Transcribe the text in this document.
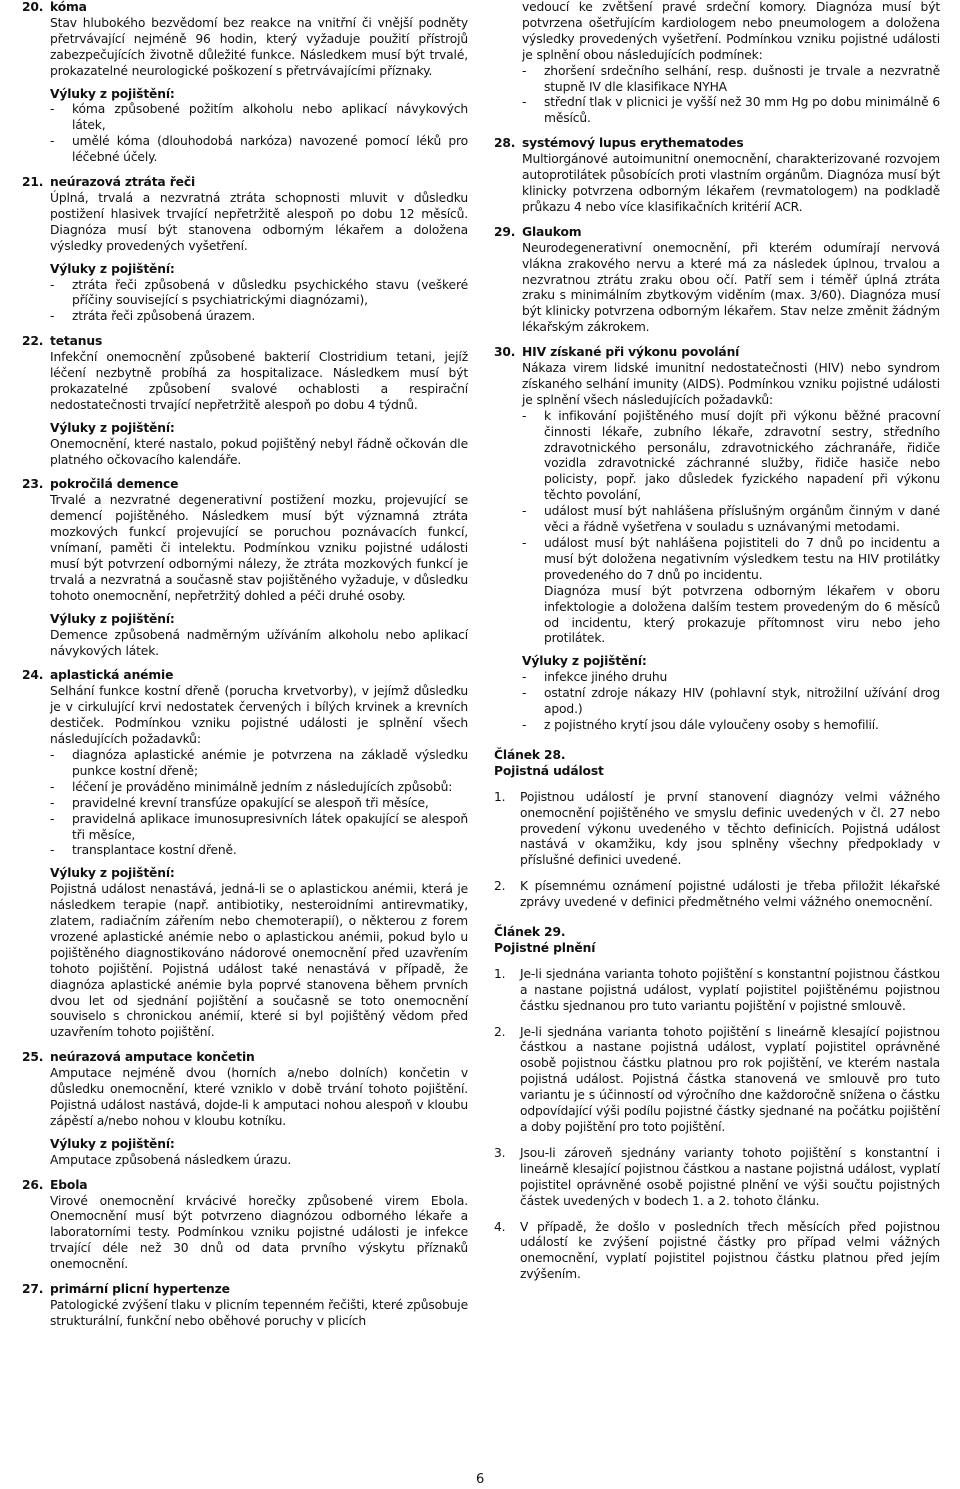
20. kóma

Stav hlubokého bezvědomí bez reakce na vnitřní či vnější podněty přetrvávající nejméně 96 hodin, který vyžaduje použití přístrojů zabezpečujících životně důležité funkce. Následkem musí být trvalé, prokazatelné neurologické poškození s přetrvávajícími příznaky.

Výluky z pojištění:
-	kóma způsobené požitím alkoholu nebo aplikací návykových látek,
-	umělé kóma (dlouhodobá narkóza) navozené pomocí léků pro léčebné účely.
21. neúrazová ztráta řeči

Úplná, trvalá a nezvratná ztráta schopnosti mluvit v důsledku postižení hlasivek trvající nepřetržitě alespoň po dobu 12 měsíců. Diagnóza musí být stanovena odborným lékařem a doložena výsledky provedených vyšetření.

Výluky z pojištění:
-	ztráta řeči způsobená v důsledku psychického stavu (veškeré příčiny související s psychiatrickými diagnózami),
-	ztráta řeči způsobená úrazem.
22. tetanus

Infekční onemocnění způsobené bakterií Clostridium tetani, jejíž léčení nezbytně probíhá za hospitalizace. Následkem musí být prokazatelné způsobení svalové ochablosti a respirační nedostatečnosti trvající nepřetržitě alespoň po dobu 4 týdnů.

Výluky z pojištění:

Onemocnění, které nastalo, pokud pojištěný nebyl řádně očkován dle platného očkovacího kalendáře.

23. pokročilá demence

Trvalé a nezvratné degenerativní postižení mozku, projevující se demencí pojištěného. Následkem musí být významná ztráta mozkových funkcí projevující se poruchou poznávacích funkcí, vnímaní, paměti či intelektu. Podmínkou vzniku pojistné události musí být potvrzení odbornými nálezy, že ztráta mozkových funkcí je trvalá a nezvratná a současně stav pojištěného vyžaduje, v důsledku tohoto onemocnění, nepřetržitý dohled a péči druhé osoby.

Výluky z pojištění:

Demence způsobená nadměrným užíváním alkoholu nebo aplikací návykových látek.

24. aplastická anémie

Selhání funkce kostní dřeně (porucha krvetvorby), v jejímž důsledku je v cirkulující krvi nedostatek červených i bílých krvinek a krevních destiček. Podmínkou vzniku pojistné události je splnění všech následujících požadavků:

-	diagnóza aplastické anémie je potvrzena na základě výsledku punkce kostní dřeně;
-	léčení je prováděno minimálně jedním z následujících způsobů:
-	pravidelné krevní transfúze opakující se alespoň tři měsíce,
-	pravidelná aplikace imunosupresivních látek opakující se alespoň tři měsíce,
-	transplantace kostní dřeně.
Výluky z pojištění:

Pojistná událost nenastává, jedná-li se o aplastickou anémii, která je následkem terapie (např. antibiotiky, nesteroidními antirevmatiky, zlatem, radiačním zářením nebo chemoterapií), o některou z forem vrozené aplastické anémie nebo o aplastickou anémii, pokud bylo u pojištěného diagnostikováno nádorové onemocnění před uzavřením tohoto pojištění. Pojistná událost také nenastává v případě, že diagnóza aplastické anémie byla poprvé stanovena během prvních dvou let od sjednání pojištění a současně se toto onemocnění souviselo s chronickou anémií, které si byl pojištěný vědom před uzavřením tohoto pojištění.

25. neúrazová amputace končetin

Amputace nejméně dvou (horních a/nebo dolních) končetin v důsledku onemocnění, které vzniklo v době trvání tohoto pojištění. Pojistná událost nastává, dojde-li k amputaci nohou alespoň v kloubu zápěstí a/nebo nohou v kloubu kotníku.

Výluky z pojištění:

Amputace způsobená následkem úrazu.

26. Ebola

Virové onemocnění krvácivé horečky způsobené virem Ebola. Onemocnění musí být potvrzeno diagnózou odborného lékaře a laboratorními testy. Podmínkou vzniku pojistné události je infekce trvající déle než 30 dnů od data prvního výskytu příznaků onemocnění.

27. primární plicní hypertenze

Patologické zvýšení tlaku v plicním tepenném řečišti, které způsobuje strukturální, funkční nebo oběhové poruchy v plicích

vedoucí ke zvětšení pravé srdeční komory. Diagnóza musí být potvrzena ošetřujícím kardiologem nebo pneumologem a doložena výsledky provedených vyšetření. Podmínkou vzniku pojistné události je splnění obou následujících podmínek:

-	zhoršení srdečního selhání, resp. dušnosti je trvale a nezvratně stupně IV dle klasifikace NYHA
-	střední tlak v plicnici je vyšší než 30 mm Hg po dobu minimálně 6 měsíců.
28. systémový lupus erythematodes

Multiorgánové autoimunitní onemocnění, charakterizované rozvojem autoprotilátek působících proti vlastním orgánům. Diagnóza musí být klinicky potvrzena odborným lékařem (revmatologem) na podkladě průkazu 4 nebo více klasifikačních kritérií ACR.

29. Glaukom

Neurodegenerativní onemocnění, při kterém odumírají nervová vlákna zrakového nervu a které má za následek úplnou, trvalou a nezvratnou ztrátu zraku obou očí. Patří sem i téměř úplná ztráta zraku s minimálním zbytkovým viděním (max. 3/60). Diagnóza musí být klinicky potvrzena odborným lékařem. Stav nelze změnit žádným lékařským zákrokem.

30. HIV získané při výkonu povolání

Nákaza virem lidské imunitní nedostatečnosti (HIV) nebo syndrom získaného selhání imunity (AIDS). Podmínkou vzniku pojistné události je splnění všech následujících požadavků:

-	k infikování pojištěného musí dojít při výkonu běžné pracovní činnosti lékaře, zubního lékaře, zdravotní sestry, středního zdravotnického personálu, zdravotnického záchranáře, řidiče vozidla zdravotnické záchranné služby, řidiče hasiče nebo policisty, popř. jako důsledek fyzického napadení při výkonu těchto povolání,
-	událost musí být nahlášena příslušným orgánům činným v dané věci a řádně vyšetřena v souladu s uznávanými metodami.
-	událost musí být nahlášena pojistiteli do 7 dnů po incidentu a musí být doložena negativním výsledkem testu na HIV protilátky provedeného do 7 dnů po incidentu.

Diagnóza musí být potvrzena odborným lékařem v oboru infektologie a doložena dalším testem provedeným do 6 měsíců od incidentu, který prokazuje přítomnost viru nebo jeho protilátek.

Výluky z pojištění:
-	infekce jiného druhu
-	ostatní zdroje nákazy HIV (pohlavní styk, nitrožilní užívání drog apod.)
-	z pojistného krytí jsou dále vyloučeny osoby s hemofilií.
Článek 28.
Pojistná událost
1.	Pojistnou událostí je první stanovení diagnózy velmi vážného onemocnění pojištěného ve smyslu definic uvedených v čl. 27 nebo provedení výkonu uvedeného v těchto definicích. Pojistná událost nastává v okamžiku, kdy jsou splněny všechny předpoklady v příslušné definici uvedené.
2.	K písemnému oznámení pojistné události je třeba přiložit lékařské zprávy uvedené v definici předmětného velmi vážného onemocnění.
Článek 29.
Pojistné plnění
1.	Je-li sjednána varianta tohoto pojištění s konstantní pojistnou částkou a nastane pojistná událost, vyplatí pojistitel pojištěnému pojistnou částku sjednanou pro tuto variantu pojištění v pojistné smlouvě.
2.	Je-li sjednána varianta tohoto pojištění s lineárně klesající pojistnou částkou a nastane pojistná událost, vyplatí pojistitel oprávněné osobě pojistnou částku platnou pro rok pojištění, ve kterém nastala pojistná událost. Pojistná částka stanovená ve smlouvě pro tuto variantu je s účinností od výročního dne každoročně snížena o částku odpovídající výši podílu pojistné částky sjednané na počátku pojištění a doby pojištění pro toto pojištění.
3.	Jsou-li zároveň sjednány varianty tohoto pojištění s konstantní i lineárně klesající pojistnou částkou a nastane pojistná událost, vyplatí pojistitel oprávněné osobě pojistné plnění ve výši součtu pojistných částek uvedených v bodech 1. a 2. tohoto článku.
4.	V případě, že došlo v posledních třech měsících před pojistnou událostí ke zvýšení pojistné částky pro případ velmi vážných onemocnění, vyplatí pojistitel pojistnou částku platnou před jejím zvýšením.
6
